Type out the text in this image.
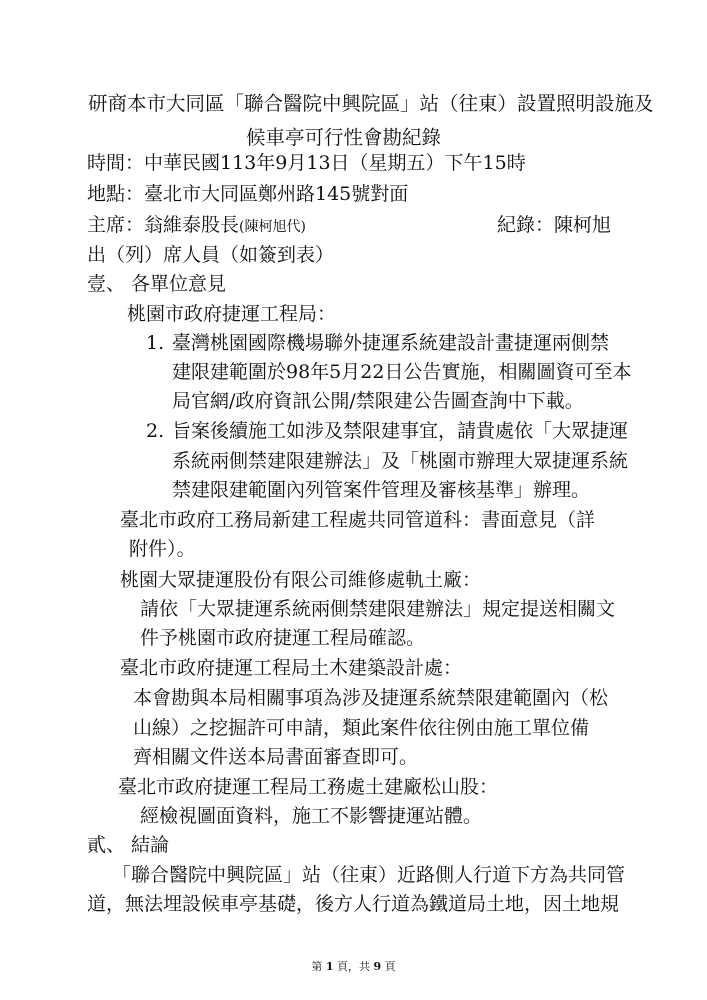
研商本市大同區「聯合醫院中興院區」站（往東）設置照明設施及
候車亭可行性會勘紀錄
時間：中華民國113年9月13日（星期五）下午15時
地點：臺北市大同區鄭州路145號對面
主席：翁維泰股長(陳柯旭代)	紀錄：陳柯旭
出（列）席人員（如簽到表）
壹、 各單位意見
桃園市政府捷運工程局：
1. 臺灣桃園國際機場聯外捷運系統建設計畫捷運兩側禁
建限建範圍於98年5月22日公告實施，相關圖資可至本
局官網/政府資訊公開/禁限建公告圖查詢中下載。
2. 旨案後續施工如涉及禁限建事宜，請貴處依「大眾捷運
系統兩側禁建限建辦法」及「桃園市辦理大眾捷運系統
禁建限建範圍內列管案件管理及審核基準」辦理。
臺北市政府工務局新建工程處共同管道科：書面意見（詳
附件）。
桃園大眾捷運股份有限公司維修處軌土廠：
請依「大眾捷運系統兩側禁建限建辦法」規定提送相關文
件予桃園市政府捷運工程局確認。
臺北市政府捷運工程局土木建築設計處：
本會勘與本局相關事項為涉及捷運系統禁限建範圍內（松
山線）之挖掘許可申請，類此案件依往例由施工單位備
齊相關文件送本局書面審查即可。
臺北市政府捷運工程局工務處土建廠松山股：
經檢視圖面資料，施工不影響捷運站體。
貳、 結論
「聯合醫院中興院區」站（往東）近路側人行道下方為共同管
道，無法埋設候車亭基礎，後方人行道為鐵道局土地，因土地規
第 1 頁，共 9 頁
